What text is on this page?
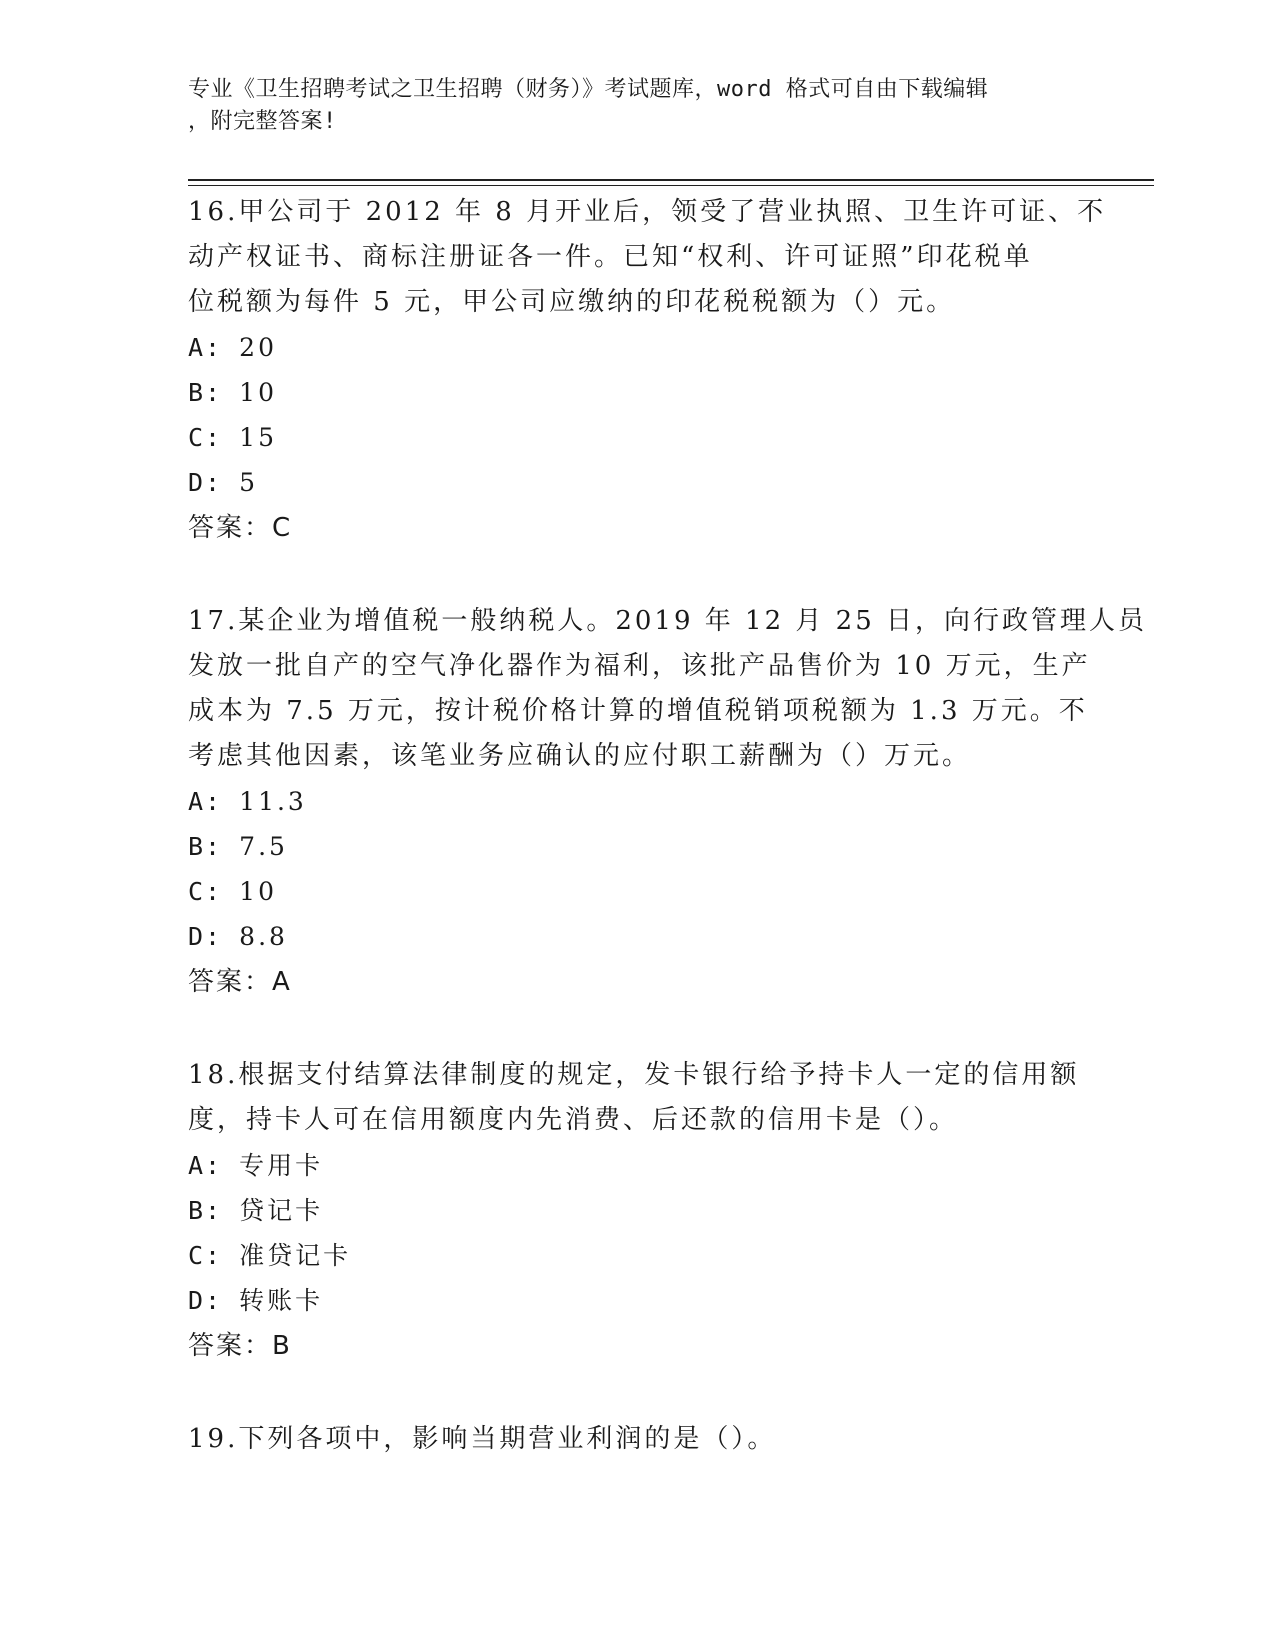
专业《卫生招聘考试之卫生招聘（财务）》考试题库，word 格式可自由下载编辑
，附完整答案!
16.甲公司于 2012 年 8 月开业后，领受了营业执照、卫生许可证、不
动产权证书、商标注册证各一件。已知“权利、许可证照”印花税单
位税额为每件 5 元，甲公司应缴纳的印花税税额为（）元。
A: 20
B: 10
C: 15
D: 5
答案：C
17.某企业为增值税一般纳税人。2019 年 12 月 25 日，向行政管理人员
发放一批自产的空气净化器作为福利，该批产品售价为 10 万元，生产
成本为 7.5 万元，按计税价格计算的增值税销项税额为 1.3 万元。不
考虑其他因素，该笔业务应确认的应付职工薪酬为（）万元。
A: 11.3
B: 7.5
C: 10
D: 8.8
答案：A
18.根据支付结算法律制度的规定，发卡银行给予持卡人一定的信用额
度，持卡人可在信用额度内先消费、后还款的信用卡是（）。
A: 专用卡
B: 贷记卡
C: 准贷记卡
D: 转账卡
答案：B
19.下列各项中，影响当期营业利润的是（）。
